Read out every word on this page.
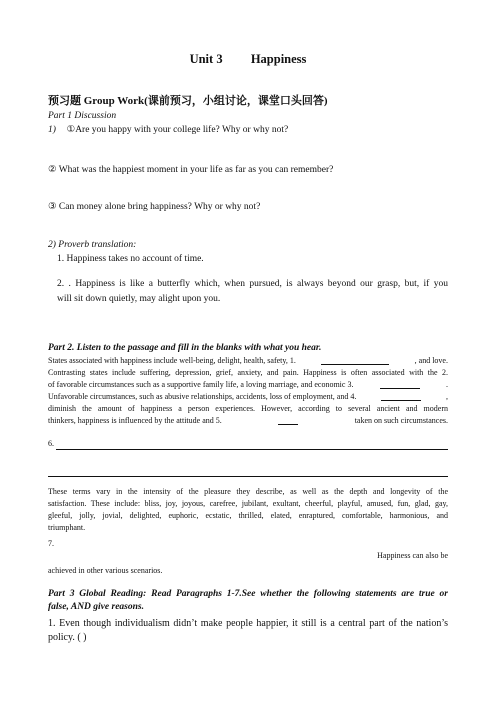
Unit 3 Happiness
预习题 Group Work(课前预习，小组讨论，课堂口头回答)
Part 1 Discussion
1) ①Are you happy with your college life? Why or why not?
② What was the happiest moment in your life as far as you can remember?
③ Can money alone bring happiness? Why or why not?
2) Proverb translation:
1. Happiness takes no account of time.
2. . Happiness is like a butterfly which, when pursued, is always beyond our grasp, but, if you
will sit down quietly, may alight upon you.
Part 2. Listen to the passage and fill in the blanks with what you hear.
States associated with happiness include well-being, delight, health, safety, 1.	, and love.
Contrasting states include suffering, depression, grief, anxiety, and pain. Happiness is often associated with the 2.
of favorable circumstances such as a supportive family life, a loving marriage, and economic 3.	.
Unfavorable circumstances, such as abusive relationships, accidents, loss of employment, and 4.	,
diminish the amount of happiness a person experiences. However, according to several ancient and modern
thinkers, happiness is influenced by the attitude and 5.	taken on such circumstances.
6.
These terms vary in the intensity of the pleasure they describe, as well as the depth and longevity of the
satisfaction. These include: bliss, joy, joyous, carefree, jubilant, exultant, cheerful, playful, amused, fun, glad, gay,
gleeful, jolly, jovial, delighted, euphoric, ecstatic, thrilled, elated, enraptured, comfortable, harmonious, and
triumphant.
7.
Happiness can also be
achieved in other various scenarios.
Part 3 Global Reading: Read Paragraphs 1-7.See whether the following statements are true or
false, AND give reasons.
1. Even though individualism didn’t make people happier, it still is a central part of the nation’s
policy. ( )
